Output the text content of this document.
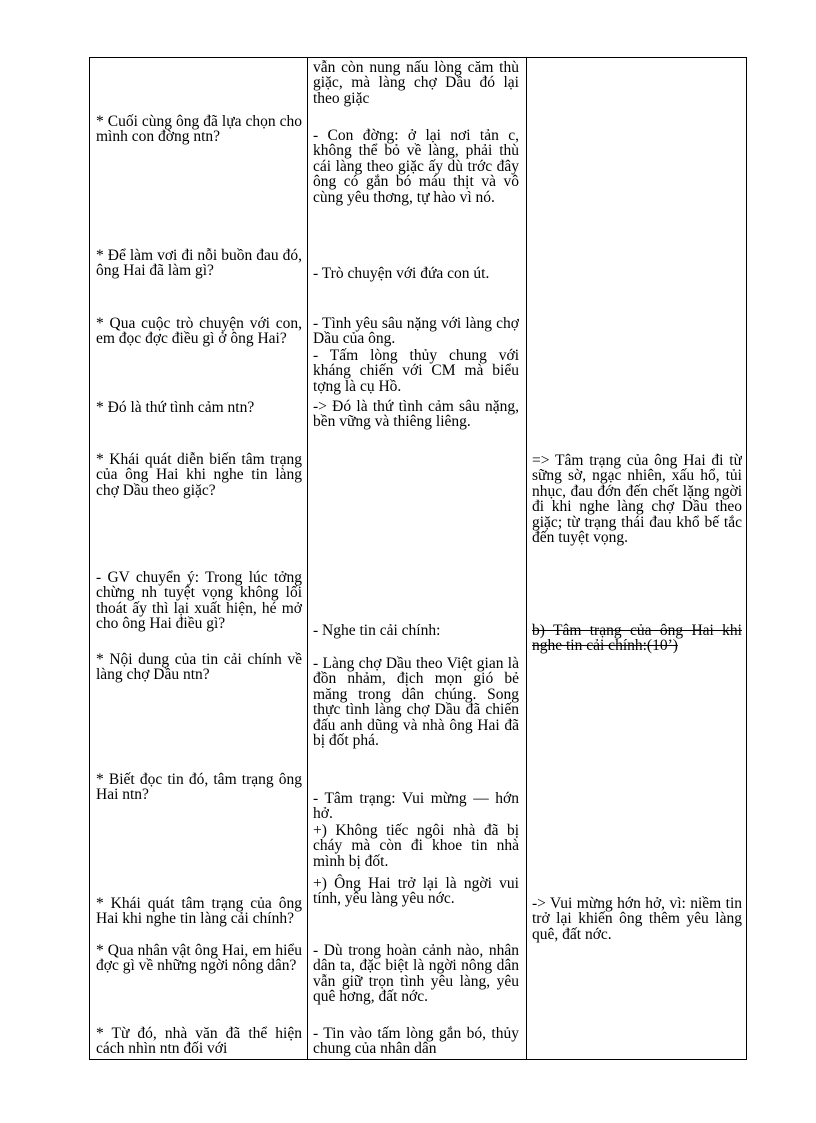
* Cuối cùng ông đã lựa chọn cho mình con đờng ntn?
* Để làm vơi đi nỗi buồn đau đó, ông Hai đã làm gì?
* Qua cuộc trò chuyện với con, em đọc đợc điều gì ở ông Hai?
* Đó là thứ tình cảm ntn?
* Khái quát diễn biến tâm trạng của ông Hai khi nghe tin làng chợ Dầu theo giặc?
- GV chuyển ý: Trong lúc tởng chừng nh tuyệt vọng không lối thoát ấy thì lại xuất hiện, hé mở cho ông Hai điều gì?
* Nội dung của tin cải chính về làng chợ Dầu ntn?
* Biết đọc tin đó, tâm trạng ông Hai ntn?
* Khái quát tâm trạng của ông Hai khi nghe tin làng cải chính?
* Qua nhân vật ông Hai, em hiểu đợc gì về những ngời nông dân?
* Từ đó, nhà văn đã thể hiện cách nhìn ntn đối với
vẫn còn nung nấu lòng căm thù giặc, mà làng chợ Dầu đó lại theo giặc
- Con đờng: ở lại nơi tản c, không thể bỏ về làng, phải thù cái làng theo giặc ấy dù trớc đây ông có gắn bó máu thịt và vô cùng yêu thơng, tự hào vì nó.
- Trò chuyện với đứa con út.
- Tình yêu sâu nặng với làng chợ Dầu của ông.
- Tấm lòng thủy chung với kháng chiến với CM mà biểu tợng là cụ Hồ.
-> Đó là thứ tình cảm sâu nặng, bền vững và thiêng liêng.
- Nghe tin cải chính:
- Làng chợ Dầu theo Việt gian là đồn nhảm, địch mọn gió bẻ măng trong dân chúng. Song thực tình làng chợ Dầu đã chiến đấu anh dũng và nhà ông Hai đã bị đốt phá.
- Tâm trạng: Vui mừng — hớn hở.
+) Không tiếc ngôi nhà đã bị cháy mà còn đi khoe tin nhà mình bị đốt.
+) Ông Hai trở lại là ngời vui tính, yêu làng yêu nớc.
- Dù trong hoàn cảnh nào, nhân dân ta, đặc biệt là ngời nông dân vẫn giữ trọn tình yêu làng, yêu quê hơng, đất nớc.
- Tin vào tấm lòng gắn bó, thủy chung của nhân dân
=> Tâm trạng của ông Hai đi từ sững sờ, ngạc nhiên, xấu hổ, tủi nhục, đau đớn đến chết lặng ngời đi khi nghe làng chợ Dầu theo giặc; từ trạng thái đau khổ bế tắc đến tuyệt vọng.
b) Tâm trạng của ông Hai khi nghe tin cải chính:(10’)
-> Vui mừng hớn hở, vì: niềm tin trở lại khiến ông thêm yêu làng quê, đất nớc.
